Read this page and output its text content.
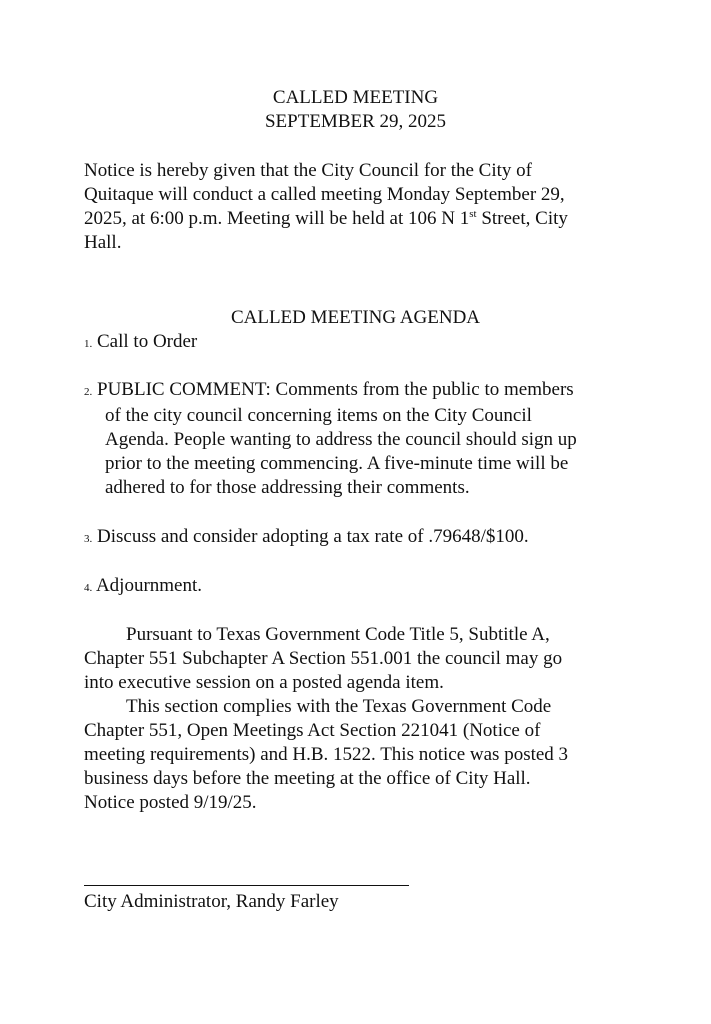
CALLED MEETING
SEPTEMBER 29, 2025
Notice is hereby given that the City Council for the City of
Quitaque will conduct a called meeting Monday September 29,
2025, at 6:00 p.m. Meeting will be held at 106 N 1st Street, City
Hall.
CALLED MEETING AGENDA
1. Call to Order
2. PUBLIC COMMENT: Comments from the public to members
of the city council concerning items on the City Council
Agenda. People wanting to address the council should sign up
prior to the meeting commencing. A five-minute time will be
adhered to for those addressing their comments.
3. Discuss and consider adopting a tax rate of .79648/$100.
4. Adjournment.
Pursuant to Texas Government Code Title 5, Subtitle A,
Chapter 551 Subchapter A Section 551.001 the council may go
into executive session on a posted agenda item.
This section complies with the Texas Government Code
Chapter 551, Open Meetings Act Section 221041 (Notice of
meeting requirements) and H.B. 1522. This notice was posted 3
business days before the meeting at the office of City Hall.
Notice posted 9/19/25.
City Administrator, Randy Farley
